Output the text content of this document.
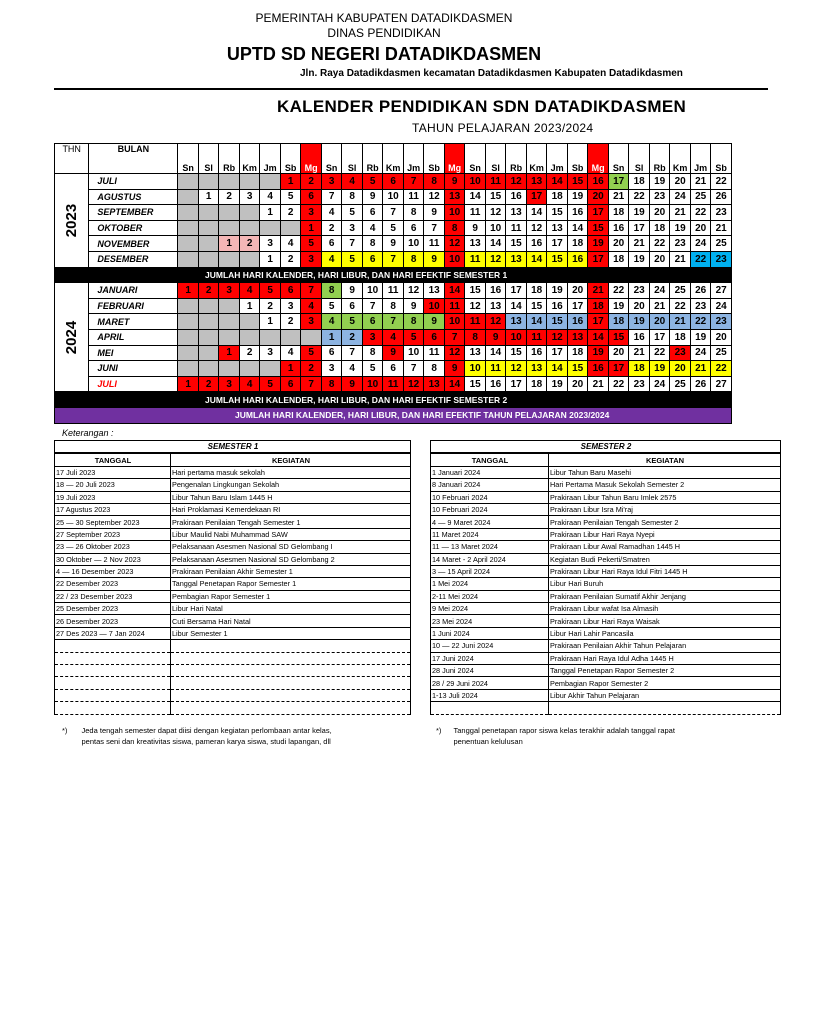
PEMERINTAH KABUPATEN DATADIKDASMEN
DINAS PENDIDIKAN
UPTD SD NEGERI DATADIKDASMEN
Jln. Raya Datadikdasmen kecamatan Datadikdasmen Kabupaten Datadikdasmen
KALENDER PENDIDIKAN SDN DATADIKDASMEN
TAHUN PELAJARAN 2023/2024
THN	BULAN	Sn	Sl	Rb	Km	Jm	Sb	Mg	Sn	Sl	Rb	Km	Jm	Sb	Mg	Sn	Sl	Rb	Km	Jm	Sb	Mg	Sn	Sl	Rb	Km	Jm	Sb

2023	JULI						1	2	3	4	5	6	7	8	9	10	11	12	13	14	15	16	17	18	19	20	21	22
	AGUSTUS		1	2	3	4	5	6	7	8	9	10	11	12	13	14	15	16	17	18	19	20	21	22	23	24	25	26
	SEPTEMBER					1	2	3	4	5	6	7	8	9	10	11	12	13	14	15	16	17	18	19	20	21	22	23
	OKTOBER							1	2	3	4	5	6	7	8	9	10	11	12	13	14	15	16	17	18	19	20	21
	NOVEMBER			1	2	3	4	5	6	7	8	9	10	11	12	13	14	15	16	17	18	19	20	21	22	23	24	25
	DESEMBER					1	2	3	4	5	6	7	8	9	10	11	12	13	14	15	16	17	18	19	20	21	22	23
JUMLAH HARI KALENDER, HARI LIBUR, DAN HARI EFEKTIF SEMESTER 1																												

2024	JANUARI	1	2	3	4	5	6	7	8	9	10	11	12	13	14	15	16	17	18	19	20	21	22	23	24	25	26	27
	FEBRUARI				1	2	3	4	5	6	7	8	9	10	11	12	13	14	15	16	17	18	19	20	21	22	23	24
	MARET					1	2	3	4	5	6	7	8	9	10	11	12	13	14	15	16	17	18	19	20	21	22	23
	APRIL								1	2	3	4	5	6	7	8	9	10	11	12	13	14	15	16	17	18	19	20
	MEI			1	2	3	4	5	6	7	8	9	10	11	12	13	14	15	16	17	18	19	20	21	22	23	24	25
	JUNI						1	2	3	4	5	6	7	8	9	10	11	12	13	14	15	16	17	18	19	20	21	22
	JULI	1	2	3	4	5	6	7	8	9	10	11	12	13	14	15	16	17	18	19	20	21	22	23	24	25	26	27
JUMLAH HARI KALENDER, HARI LIBUR, DAN HARI EFEKTIF SEMESTER 2																												
JUMLAH HARI KALENDER, HARI LIBUR, DAN HARI EFEKTIF TAHUN PELAJARAN 2023/2024																												
Keterangan :
SEMESTER 1	
TANGGAL	KEGIATAN
17 Juli 2023	Hari pertama masuk sekolah
18 — 20 Juli 2023	Pengenalan Lingkungan Sekolah
19 Juli 2023	Libur Tahun Baru Islam 1445 H
17 Agustus 2023	Hari Proklamasi Kemerdekaan RI
25 — 30 September 2023	Prakiraan Penilaian Tengah Semester 1
27 September 2023	Libur Maulid Nabi Muhammad SAW
23 — 26 Oktober 2023	Pelaksanaan Asesmen Nasional SD Gelombang I
30 Oktober — 2 Nov 2023	Pelaksanaan Asesmen Nasional SD Gelombang 2
4 — 16 Desember 2023	Prakiraan Penilaian Akhir Semester 1
22 Desember 2023	Tanggal Penetapan Rapor Semester 1
22 / 23 Desember 2023	Pembagian Rapor Semester 1
25 Desember 2023	Libur Hari Natal
26 Desember 2023	Cuti Bersama Hari Natal
27 Des 2023 — 7 Jan 2024	Libur Semester 1

SEMESTER 2	
TANGGAL	KEGIATAN
1 Januari 2024	Libur Tahun Baru Masehi
8 Januari 2024	Hari Pertama Masuk Sekolah Semester 2
10 Februari 2024	Prakiraan Libur Tahun Baru Imlek 2575
10 Februari 2024	Prakiraan Libur Isra Mi'raj
4 — 9 Maret 2024	Prakiraan Penilaian Tengah Semester 2
11 Maret 2024	Prakiraan Libur Hari Raya Nyepi
11 — 13 Maret 2024	Prakiraan Libur Awal Ramadhan 1445 H
14 Maret - 2 April 2024	Kegiatan Budi Pekerti/Smatren
3 — 15 April 2024	Prakiraan Libur Hari Raya Idul Fitri 1445 H
1 Mei 2024	Libur Hari Buruh
2-11 Mei 2024	Prakiraan Penilaian Sumatif Akhir Jenjang
9 Mei 2024	Prakiraan Libur wafat Isa Almasih
23 Mei 2024	Prakiraan Libur Hari Raya Waisak
1 Juni 2024	Libur Hari Lahir Pancasila
10 — 22 Juni 2024	Prakiraan Penilaian Akhir Tahun Pelajaran
17 Juni 2024	Prakiraan Hari Raya Idul Adha 1445 H
28 Juni 2024	Tanggal Penetapan Rapor Semester 2
28 / 29 Juni 2024	Pembagian Rapor Semester 2
1-13 Juli 2024	Libur Akhir Tahun Pelajaran

*) Jeda tengah semester dapat diisi dengan kegiatan perlombaan antar kelas,
pentas seni dan kreativitas siswa, pameran karya siswa, studi lapangan, dll
*) Tanggal penetapan rapor siswa kelas terakhir adalah tanggal rapat
penentuan kelulusan
